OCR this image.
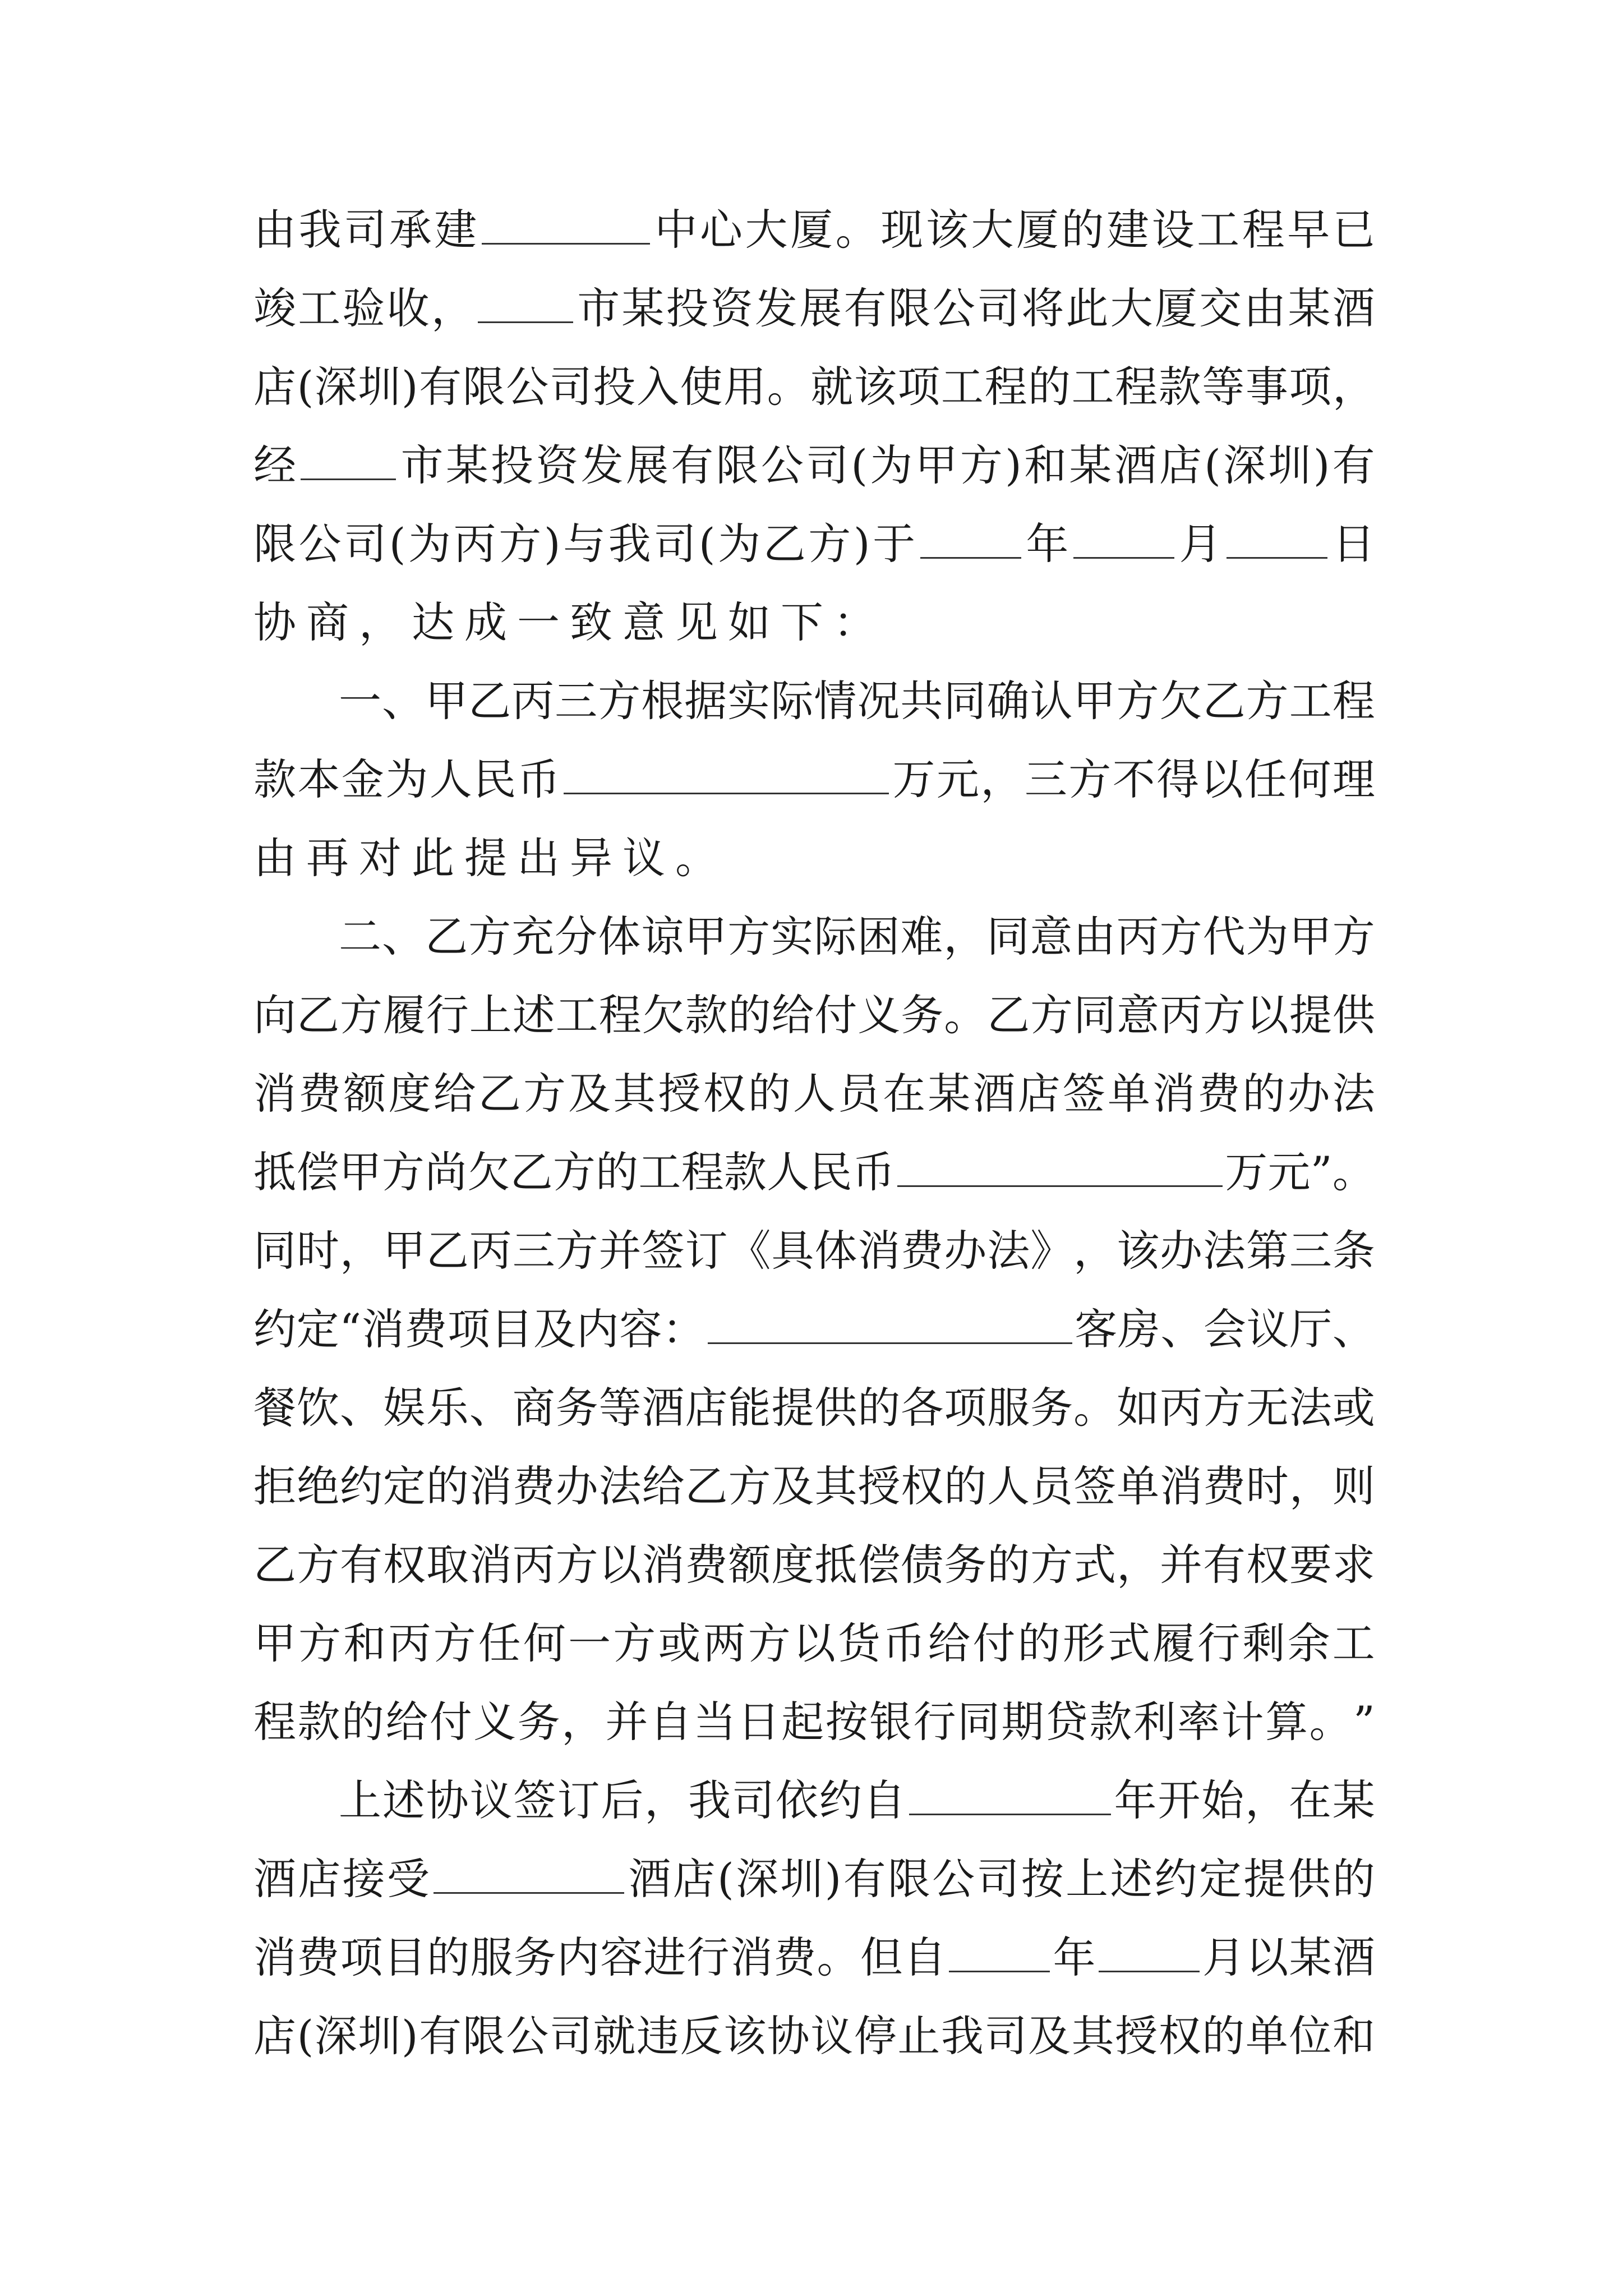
由 我 司 承 建	中 心 大 厦 。 现 该 大 厦 的 建 设 工 程 早 已
竣 工 验 收 ， 市 某 投 资 发 展 有 限 公 司 将 此 大 厦 交 由 某 酒
店 ( 深 圳 ) 有 限 公 司 投 入 使 用 。 就 该 项 工 程 的 工 程 款 等 事 项 ，
经 市 某 投 资 发 展 有 限 公 司 ( 为 甲 方 ) 和 某 酒 店 ( 深 圳 ) 有
限 公 司 ( 为 丙 方 ) 与 我 司 ( 为 乙 方 ) 于	年	月	日
协商，达成一致意见如下：
一 、 甲 乙 丙 三 方 根 据 实 际 情 况 共 同 确 认 甲 方 欠 乙 方 工 程
款 本 金 为 人 民 币	万 元 ， 三 方 不 得 以 任 何 理
由再对此提出异议。
二 、 乙 方 充 分 体 谅 甲 方 实 际 困 难 ， 同 意 由 丙 方 代 为 甲 方
向 乙 方 履 行 上 述 工 程 欠 款 的 给 付 义 务 。 乙 方 同 意 丙 方 以 提 供
消 费 额 度 给 乙 方 及 其 授 权 的 人 员 在 某 酒 店 签 单 消 费 的 办 法
抵 偿 甲 方 尚 欠 乙 方 的 工 程 款 人 民 币	万 元 ” 。
同 时 ， 甲 乙 丙 三 方 并 签 订 《 具 体 消 费 办 法 》 ， 该 办 法 第 三 条
约 定 “ 消 费 项 目 及 内 容 ：	客 房 、 会 议 厅 、
餐 饮 、 娱 乐 、 商 务 等 酒 店 能 提 供 的 各 项 服 务 。 如 丙 方 无 法 或
拒 绝 约 定 的 消 费 办 法 给 乙 方 及 其 授 权 的 人 员 签 单 消 费 时 ， 则
乙 方 有 权 取 消 丙 方 以 消 费 额 度 抵 偿 债 务 的 方 式 ， 并 有 权 要 求
甲 方 和 丙 方 任 何 一 方 或 两 方 以 货 币 给 付 的 形 式 履 行 剩 余 工
程 款 的 给 付 义 务 ， 并 自 当 日 起 按 银 行 同 期 贷 款 利 率 计 算 。 ”
上 述 协 议 签 订 后 ， 我 司 依 约 自	年 开 始 ， 在 某
酒 店 接 受	酒 店 ( 深 圳 ) 有 限 公 司 按 上 述 约 定 提 供 的
消 费 项 目 的 服 务 内 容 进 行 消 费 。 但 自	年	月 以 某 酒
店 ( 深 圳 ) 有 限 公 司 就 违 反 该 协 议 停 止 我 司 及 其 授 权 的 单 位 和
